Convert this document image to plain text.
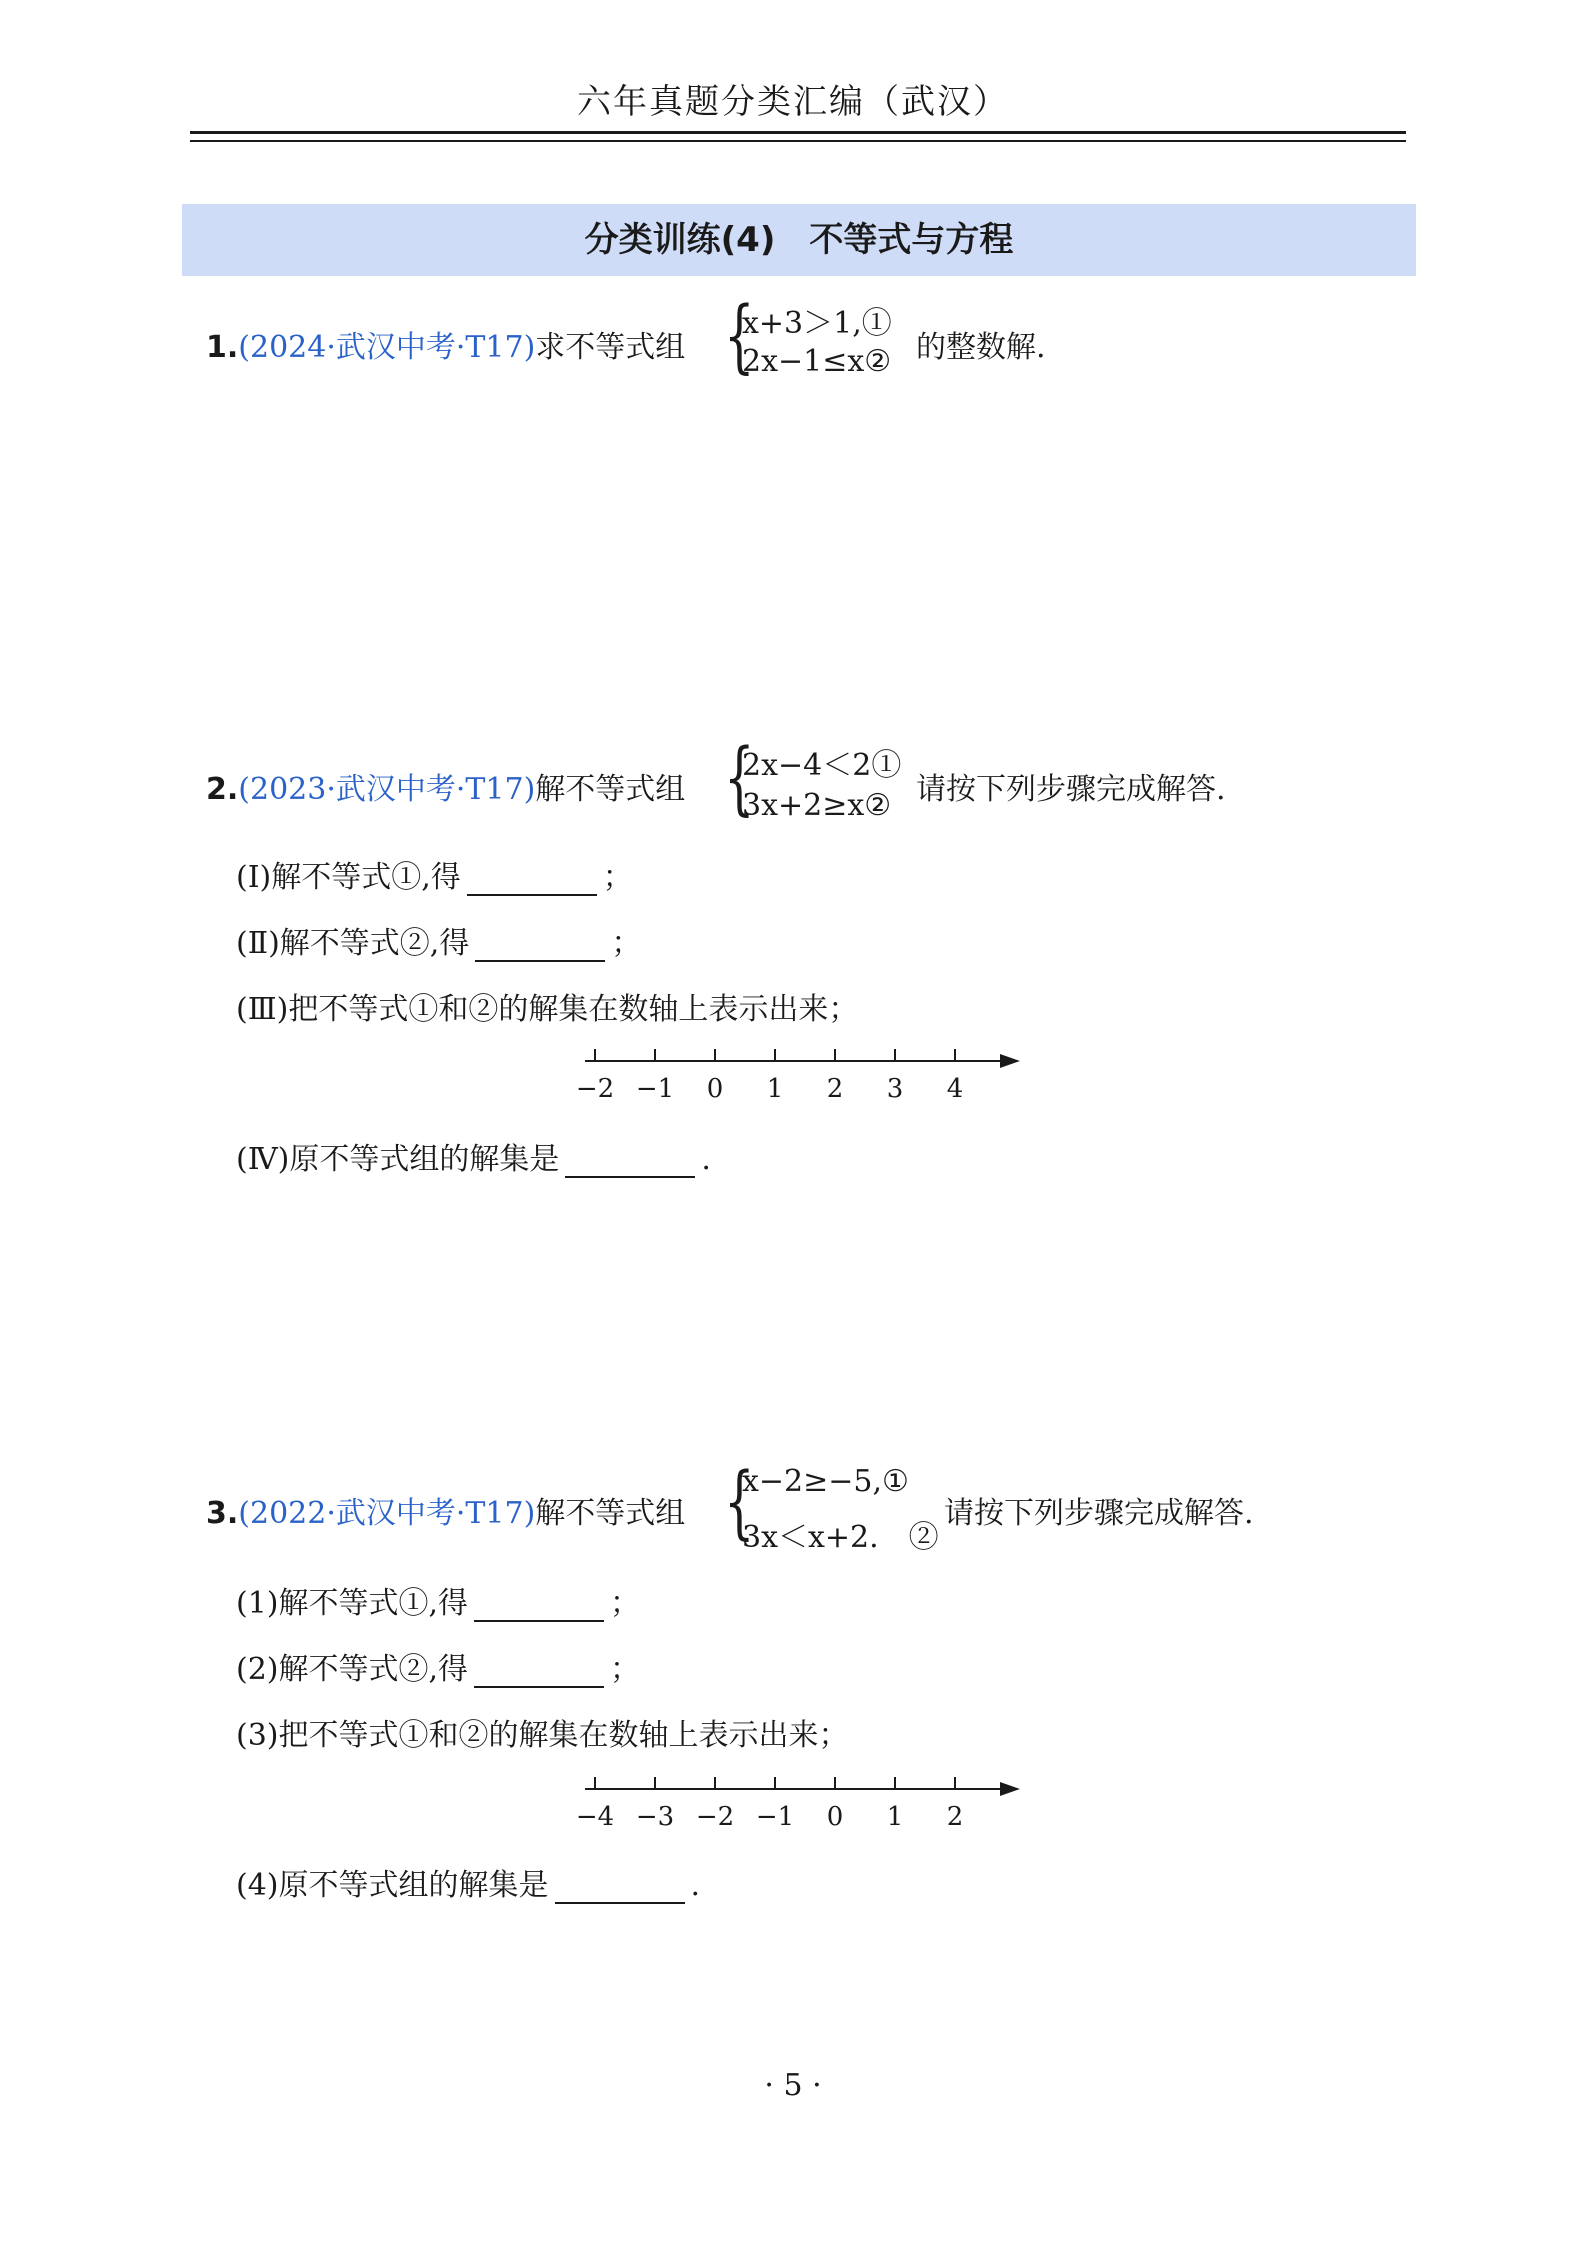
六年真题分类汇编（武汉）
分类训练(4)　不等式与方程
1.(2024·武汉中考·T17)求不等式组 {
x+3＞1,①
2x−1≤x② 的整数解.
2.(2023·武汉中考·T17)解不等式组 {
2x−4＜2①
3x+2≥x② 请按下列步骤完成解答.
(Ⅰ)解不等式①,得	；
(Ⅱ)解不等式②,得	；
(Ⅲ)把不等式①和②的解集在数轴上表示出来；
−2 −1 0 1 2 3 4
(Ⅳ)原不等式组的解集是	.
3.(2022·武汉中考·T17)解不等式组 {
x−2≥−5,①
3x＜x+2.　②
请按下列步骤完成解答.
(1)解不等式①,得	；
(2)解不等式②,得	；
(3)把不等式①和②的解集在数轴上表示出来；
−4 −3 −2 −1 0 1 2
(4)原不等式组的解集是	.
· 5 ·
